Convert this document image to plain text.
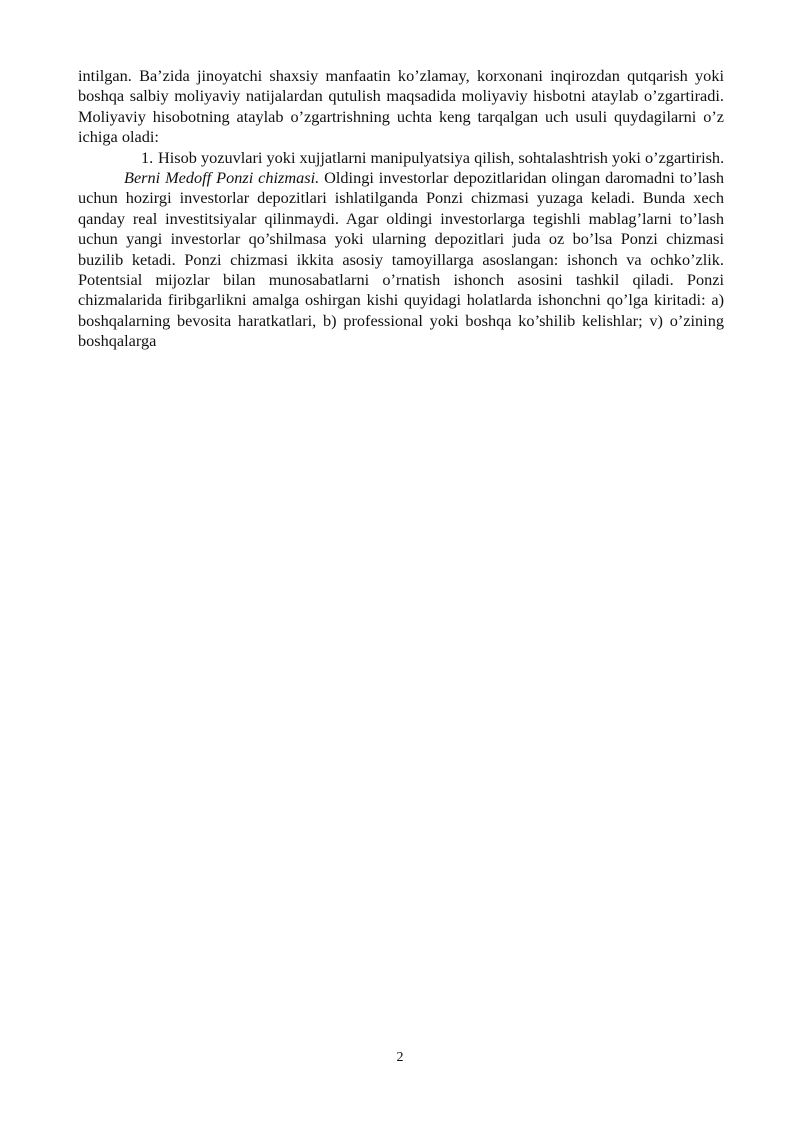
intilgan. Ba’zida jinoyatchi shaxsiy manfaatin ko’zlamay, korxonani inqirozdan qutqarish yoki boshqa salbiy moliyaviy natijalardan qutulish maqsadida moliyaviy hisbotni ataylab o’zgartiradi. Moliyaviy hisobotning ataylab o’zgartrishning uchta keng tarqalgan uch usuli quydagilarni o’z ichiga oladi:

1. Hisob yozuvlari yoki xujjatlarni manipulyatsiya qilish, sohtalashtrish yoki o’zgartirish.

Berni Medoff Ponzi chizmasi. Oldingi investorlar depozitlaridan olingan daromadni to’lash uchun hozirgi investorlar depozitlari ishlatilganda Ponzi chizmasi yuzaga keladi. Bunda xech qanday real investitsiyalar qilinmaydi. Agar oldingi investorlarga tegishli mablag’larni to’lash uchun yangi investorlar qo’shilmasa yoki ularning depozitlari juda oz bo’lsa Ponzi chizmasi buzilib ketadi. Ponzi chizmasi ikkita asosiy tamoyillarga asoslangan: ishonch va ochko’zlik. Potentsial mijozlar bilan munosabatlarni o’rnatish ishonch asosini tashkil qiladi. Ponzi chizmalarida firibgarlikni amalga oshirgan kishi quyidagi holatlarda ishonchni qo’lga kiritadi: a) boshqalarning bevosita haratkatlari, b) professional yoki boshqa ko’shilib kelishlar; v) o’zining boshqalarga

2
